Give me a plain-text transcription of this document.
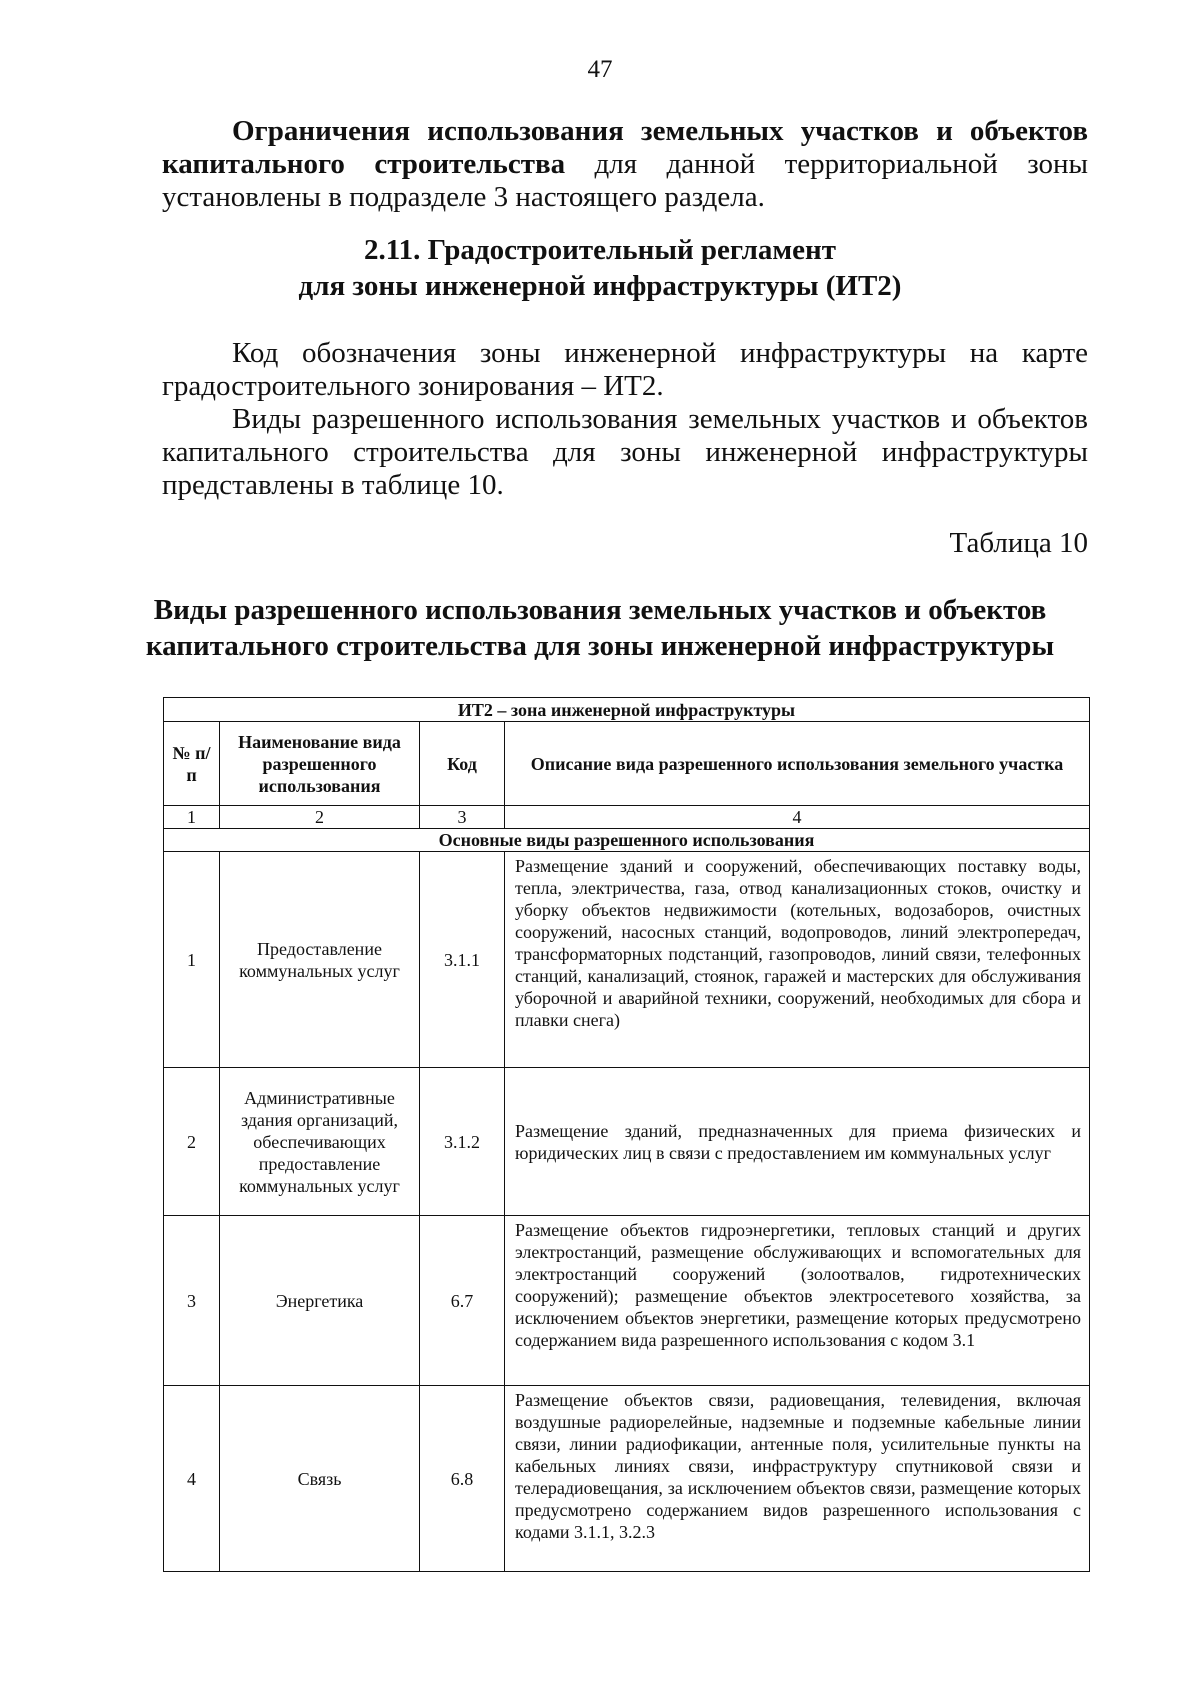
47
Ограничения использования земельных участков и объектов
капитального строительства для данной территориальной зоны
установлены в подразделе 3 настоящего раздела.
2.11. Градостроительный регламент
для зоны инженерной инфраструктуры (ИТ2)
Код обозначения зоны инженерной инфраструктуры на карте
градостроительного зонирования – ИТ2.
Виды разрешенного использования земельных участков и объектов
капитального строительства для зоны инженерной инфраструктуры
представлены в таблице 10.
Таблица 10
Виды разрешенного использования земельных участков и объектов
капитального строительства для зоны инженерной инфраструктуры
ИТ2 – зона инженерной инфраструктуры			
№ п/п	Наименование вида разрешенного использования	Код	Описание вида разрешенного использования земельного участка
1	2	3	4
Основные виды разрешенного использования			
1	Предоставление коммунальных услуг	3.1.1	Размещение зданий и сооружений, обеспечивающих поставку воды, тепла, электричества, газа, отвод канализационных стоков, очистку и уборку объектов недвижимости (котельных, водозаборов, очистных сооружений, насосных станций, водопроводов, линий электропередач, трансформаторных подстанций, газопроводов, линий связи, телефонных станций, канализаций, стоянок, гаражей и мастерских для обслуживания уборочной и аварийной техники, сооружений, необходимых для сбора и плавки снега)
2	Административные здания организаций, обеспечивающих предоставление коммунальных услуг	3.1.2	Размещение зданий, предназначенных для приема физических и юридических лиц в связи с предоставлением им коммунальных услуг
3	Энергетика	6.7	Размещение объектов гидроэнергетики, тепловых станций и других электростанций, размещение обслуживающих и вспомогательных для электростанций сооружений (золоотвалов, гидротехнических сооружений); размещение объектов электросетевого хозяйства, за исключением объектов энергетики, размещение которых предусмотрено содержанием вида разрешенного использования с кодом 3.1
4	Связь	6.8	Размещение объектов связи, радиовещания, телевидения, включая воздушные радиорелейные, надземные и подземные кабельные линии связи, линии радиофикации, антенные поля, усилительные пункты на кабельных линиях связи, инфраструктуру спутниковой связи и телерадиовещания, за исключением объектов связи, размещение которых предусмотрено содержанием видов разрешенного использования с кодами 3.1.1, 3.2.3
